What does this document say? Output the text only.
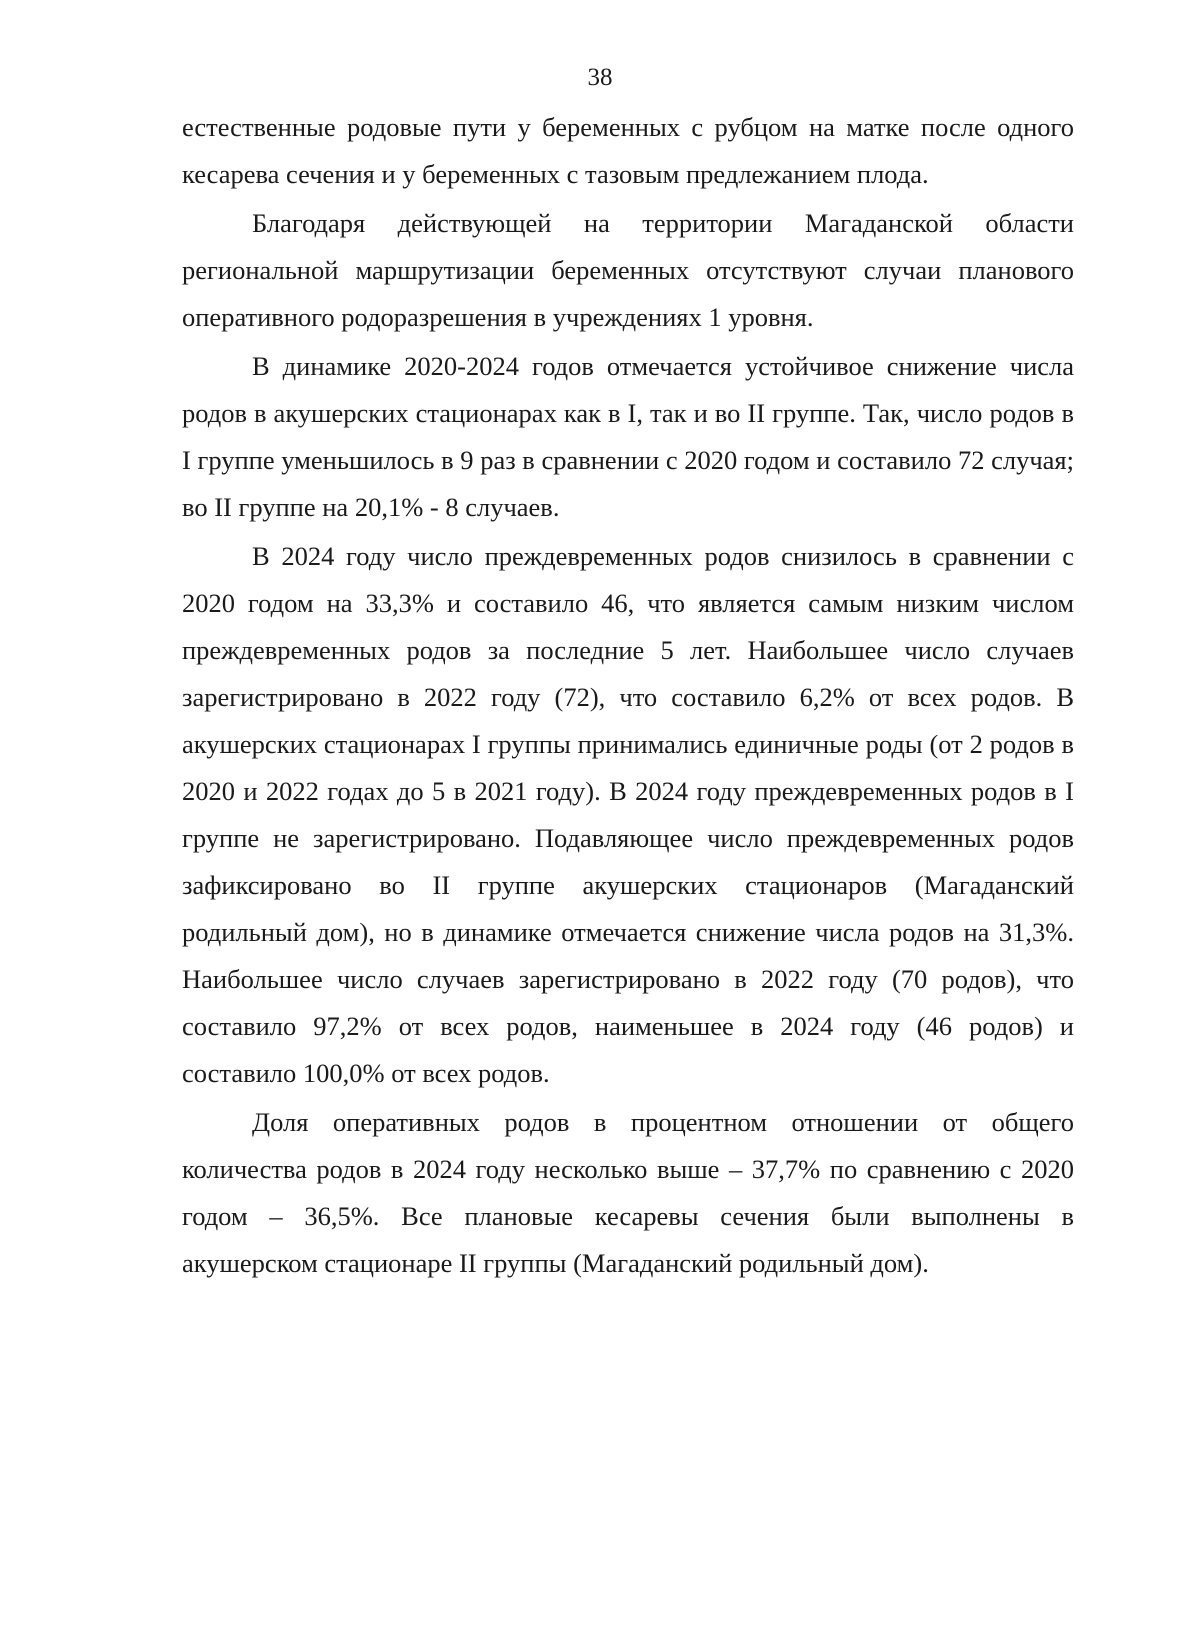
38

естественные родовые пути у беременных с рубцом на матке после одного кесарева сечения и у беременных с тазовым предлежанием плода.

Благодаря действующей на территории Магаданской области региональной маршрутизации беременных отсутствуют случаи планового оперативного родоразрешения в учреждениях 1 уровня.

В динамике 2020-2024 годов отмечается устойчивое снижение числа родов в акушерских стационарах как в I, так и во II группе. Так, число родов в I группе уменьшилось в 9 раз в сравнении с 2020 годом и составило 72 случая; во II группе на 20,1% - 8 случаев.

В 2024 году число преждевременных родов снизилось в сравнении с 2020 годом на 33,3% и составило 46, что является самым низким числом преждевременных родов за последние 5 лет. Наибольшее число случаев зарегистрировано в 2022 году (72), что составило 6,2% от всех родов. В акушерских стационарах I группы принимались единичные роды (от 2 родов в 2020 и 2022 годах до 5 в 2021 году). В 2024 году преждевременных родов в I группе не зарегистрировано. Подавляющее число преждевременных родов зафиксировано во II группе акушерских стационаров (Магаданский родильный дом), но в динамике отмечается снижение числа родов на 31,3%. Наибольшее число случаев зарегистрировано в 2022 году (70 родов), что составило 97,2% от всех родов, наименьшее в 2024 году (46 родов) и составило 100,0% от всех родов.

Доля оперативных родов в процентном отношении от общего количества родов в 2024 году несколько выше – 37,7% по сравнению с 2020 годом – 36,5%. Все плановые кесаревы сечения были выполнены в акушерском стационаре II группы (Магаданский родильный дом).
